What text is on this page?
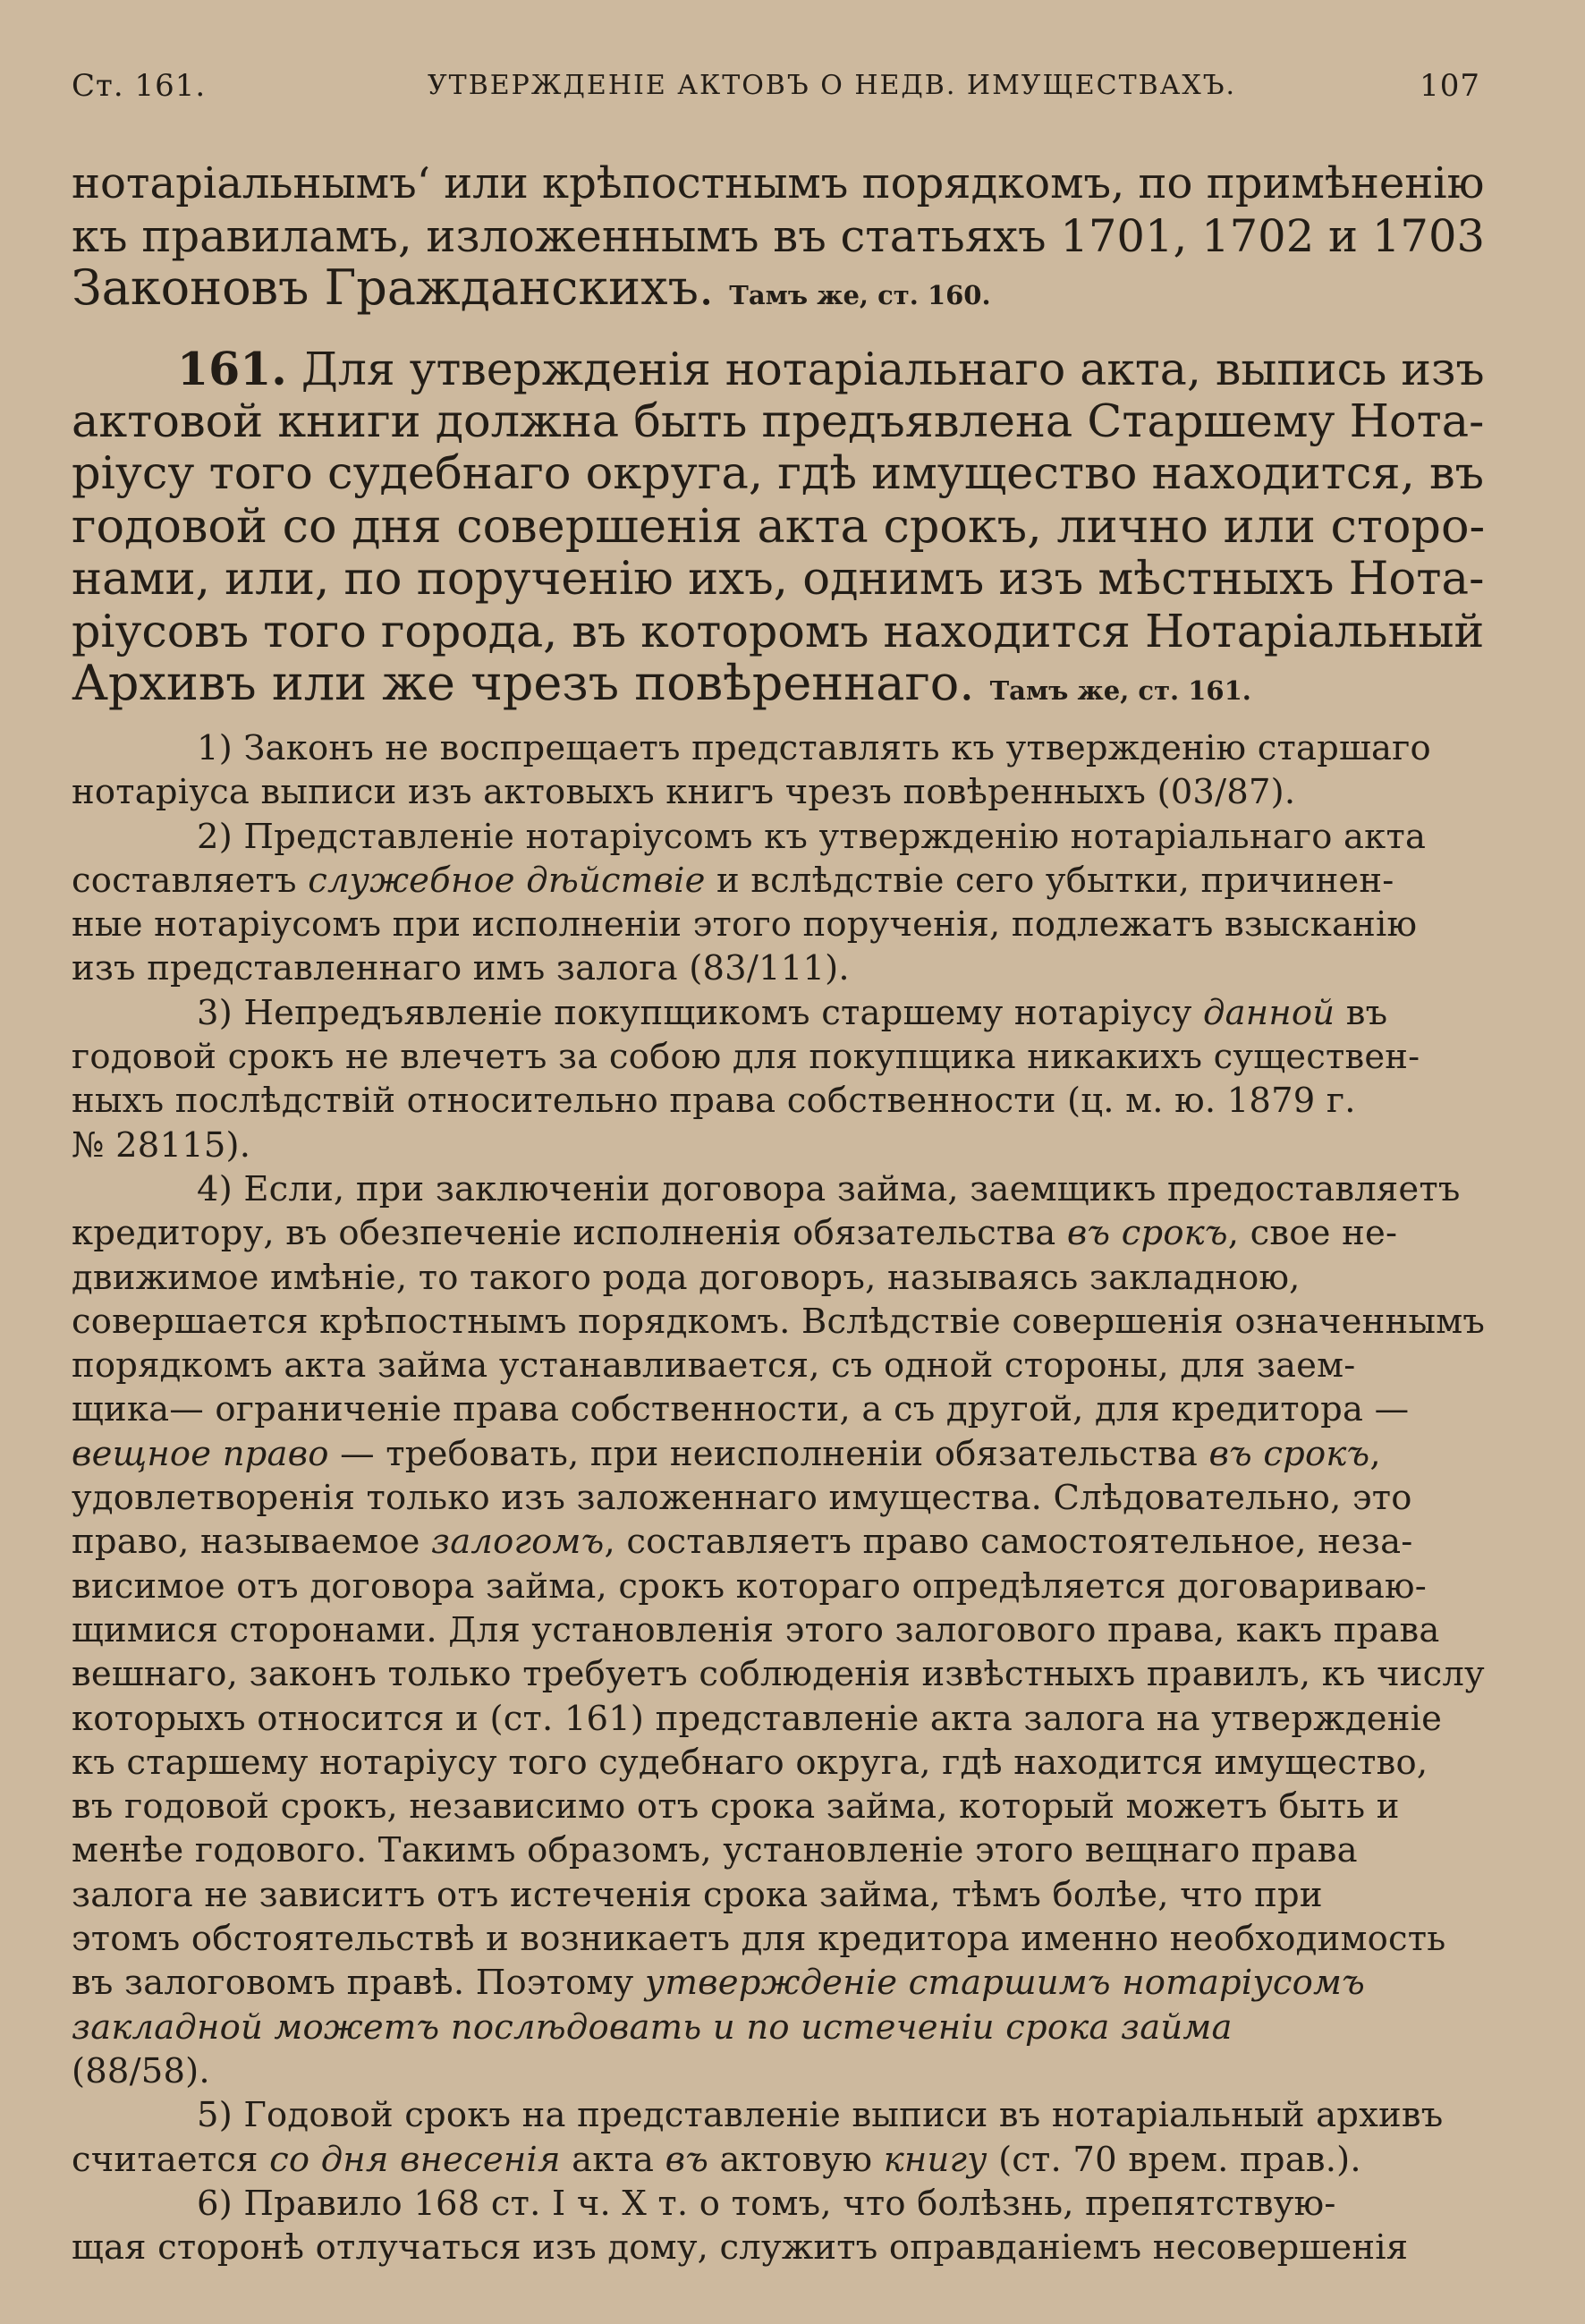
Ст. 161.	УТВЕРЖДЕНІЕ АКТОВЪ О НЕДВ. ИМУЩЕСТВАХЪ.	107
нотаріальнымъ‘ или крѣпостнымъ порядкомъ, по примѣненію
къ правиламъ, изложеннымъ въ статьяхъ 1701, 1702 и 1703
Законовъ Гражданскихъ. Тамъ же, ст. 160.
161. Для утвержденія нотаріальнаго акта, выпись изъ
актовой книги должна быть предъявлена Старшему Нота-
ріусу того судебнаго округа, гдѣ имущество находится, въ
годовой со дня совершенія акта срокъ, лично или сторо-
нами, или, по порученію ихъ, однимъ изъ мѣстныхъ Нота-
ріусовъ того города, въ которомъ находится Нотаріальный
Архивъ или же чрезъ повѣреннаго. Тамъ же, ст. 161.
1) Законъ не воспрещаетъ представлять къ утвержденію старшаго
нотаріуса выписи изъ актовыхъ книгъ чрезъ повѣренныхъ (03/87).
2) Представленіе нотаріусомъ къ утвержденію нотаріальнаго акта
составляетъ служебное дѣйствіе и вслѣдствіе сего убытки, причинен-
ные нотаріусомъ при исполненіи этого порученія, подлежатъ взысканію
изъ представленнаго имъ залога (83/111).
3) Непредъявленіе покупщикомъ старшему нотаріусу данной въ
годовой срокъ не влечетъ за собою для покупщика никакихъ существен-
ныхъ послѣдствій относительно права собственности (ц. м. ю. 1879 г.
№ 28115).
4) Если, при заключеніи договора займа, заемщикъ предоставляетъ
кредитору, въ обезпеченіе исполненія обязательства въ срокъ, свое не-
движимое имѣніе, то такого рода договоръ, называясь закладною,
совершается крѣпостнымъ порядкомъ. Вслѣдствіе совершенія означеннымъ
порядкомъ акта займа устанавливается, съ одной стороны, для заем-
щика— ограниченіе права собственности, а съ другой, для кредитора —
вещное право — требовать, при неисполненіи обязательства въ срокъ,
удовлетворенія только изъ заложеннаго имущества. Слѣдовательно, это
право, называемое залогомъ, составляетъ право самостоятельное, неза-
висимое отъ договора займа, срокъ котораго опредѣляется договариваю-
щимися сторонами. Для установленія этого залогового права, какъ права
вешнаго, законъ только требуетъ соблюденія извѣстныхъ правилъ, къ числу
которыхъ относится и (ст. 161) представленіе акта залога на утвержденіе
къ старшему нотаріусу того судебнаго округа, гдѣ находится имущество,
въ годовой срокъ, независимо отъ срока займа, который можетъ быть и
менѣе годового. Такимъ образомъ, установленіе этого вещнаго права
залога не зависитъ отъ истеченія срока займа, тѣмъ болѣе, что при
этомъ обстоятельствѣ и возникаетъ для кредитора именно необходимость
въ залоговомъ правѣ. Поэтому утвержденіе старшимъ нотаріусомъ
закладной можетъ послѣдовать и по истеченіи срока займа
(88/58).
5) Годовой срокъ на представленіе выписи въ нотаріальный архивъ
считается со дня внесенія акта въ актовую книгу (ст. 70 врем. прав.).
6) Правило 168 ст. I ч. X т. о томъ, что болѣзнь, препятствую-
щая сторонѣ отлучаться изъ дому, служитъ оправданіемъ несовершенія
